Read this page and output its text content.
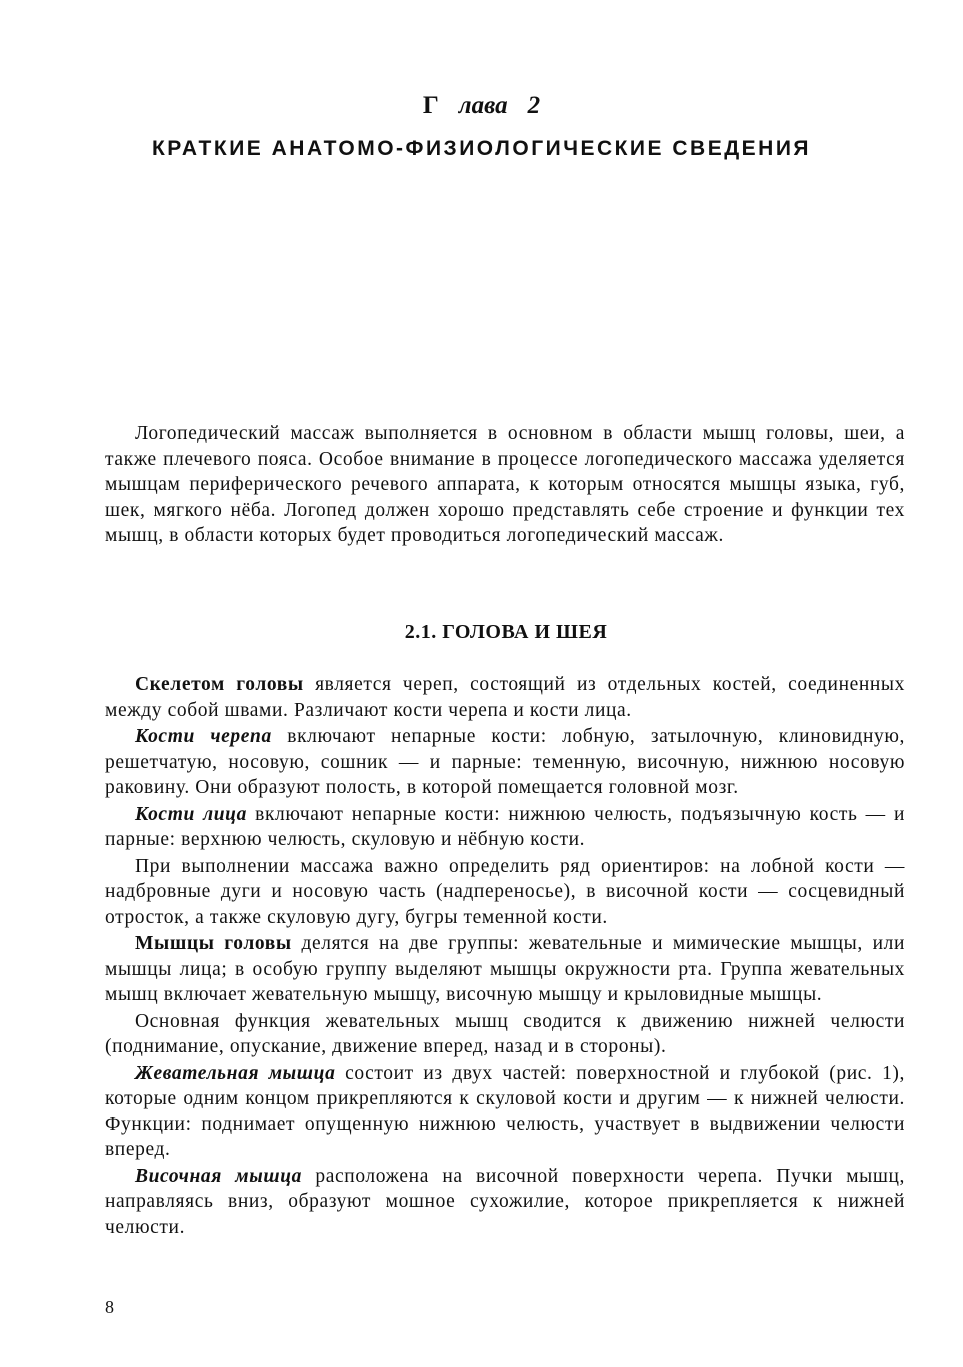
Г лава 2
КРАТКИЕ АНАТОМО-ФИЗИОЛОГИЧЕСКИЕ СВЕДЕНИЯ

Логопедический массаж выполняется в основном в области мышц головы, шеи, а также плечевого пояса. Особое внимание в процессе логопедического массажа уделяется мышцам периферического речевого аппарата, к которым относятся мышцы языка, губ, шек, мягкого нёба. Логопед должен хорошо представлять себе строение и функции тех мышц, в области которых будет проводиться логопедический массаж.

2.1. ГОЛОВА И ШЕЯ

Скелетом головы является череп, состоящий из отдельных костей, соединенных между собой швами. Различают кости черепа и кости лица.

Кости черепа включают непарные кости: лобную, затылочную, клиновидную, решетчатую, носовую, сошник — и парные: теменную, височную, нижнюю носовую раковину. Они образуют полость, в которой помещается головной мозг.

Кости лица включают непарные кости: нижнюю челюсть, подъязычную кость — и парные: верхнюю челюсть, скуловую и нёбную кости.

При выполнении массажа важно определить ряд ориентиров: на лобной кости — надбровные дуги и носовую часть (надпереносье), в височной кости — сосцевидный отросток, а также скуловую дугу, бугры теменной кости.

Мышцы головы делятся на две группы: жевательные и мимические мышцы, или мышцы лица; в особую группу выделяют мышцы окружности рта. Группа жевательных мышц включает жевательную мышцу, височную мышцу и крыловидные мышцы.

Основная функция жевательных мышц сводится к движению нижней челюсти (поднимание, опускание, движение вперед, назад и в стороны).

Жевательная мышца состоит из двух частей: поверхностной и глубокой (рис. 1), которые одним концом прикрепляются к скуловой кости и другим — к нижней челюсти. Функции: поднимает опущенную нижнюю челюсть, участвует в выдвижении челюсти вперед.

Височная мышца расположена на височной поверхности черепа. Пучки мышц, направляясь вниз, образуют мошное сухожилие, которое прикрепляется к нижней челюсти.

8
